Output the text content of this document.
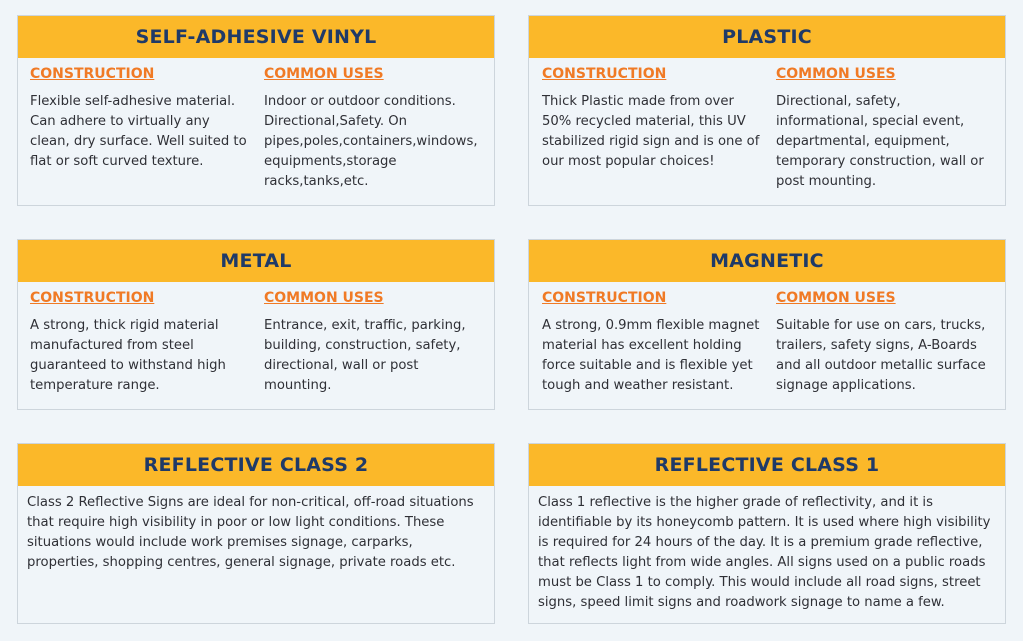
SELF-ADHESIVE VINYL
CONSTRUCTION
Flexible self-adhesive material. Can adhere to virtually any clean, dry surface. Well suited to flat or soft curved texture.
COMMON USES
Indoor or outdoor conditions. Directional,Safety. On pipes,poles,containers,windows, equipments,storage racks,tanks,etc.
PLASTIC
CONSTRUCTION
Thick Plastic made from over 50% recycled material, this UV stabilized rigid sign and is one of our most popular choices!
COMMON USES
Directional, safety, informational, special event, departmental, equipment, temporary construction, wall or post mounting.
METAL
CONSTRUCTION
A strong, thick rigid material manufactured from steel guaranteed to withstand high temperature range.
COMMON USES
Entrance, exit, traffic, parking, building, construction, safety, directional, wall or post mounting.
MAGNETIC
CONSTRUCTION
A strong, 0.9mm flexible magnet material has excellent holding force suitable and is flexible yet tough and weather resistant.
COMMON USES
Suitable for use on cars, trucks, trailers, safety signs, A-Boards and all outdoor metallic surface signage applications.
REFLECTIVE CLASS 2
Class 2 Reflective Signs are ideal for non-critical, off-road situations that require high visibility in poor or low light conditions. These situations would include work premises signage, carparks, properties, shopping centres, general signage, private roads etc.
REFLECTIVE CLASS 1
Class 1 reflective is the higher grade of reflectivity, and it is identifiable by its honeycomb pattern. It is used where high visibility is required for 24 hours of the day. It is a premium grade reflective, that reflects light from wide angles. All signs used on a public roads must be Class 1 to comply. This would include all road signs, street signs, speed limit signs and roadwork signage to name a few.
